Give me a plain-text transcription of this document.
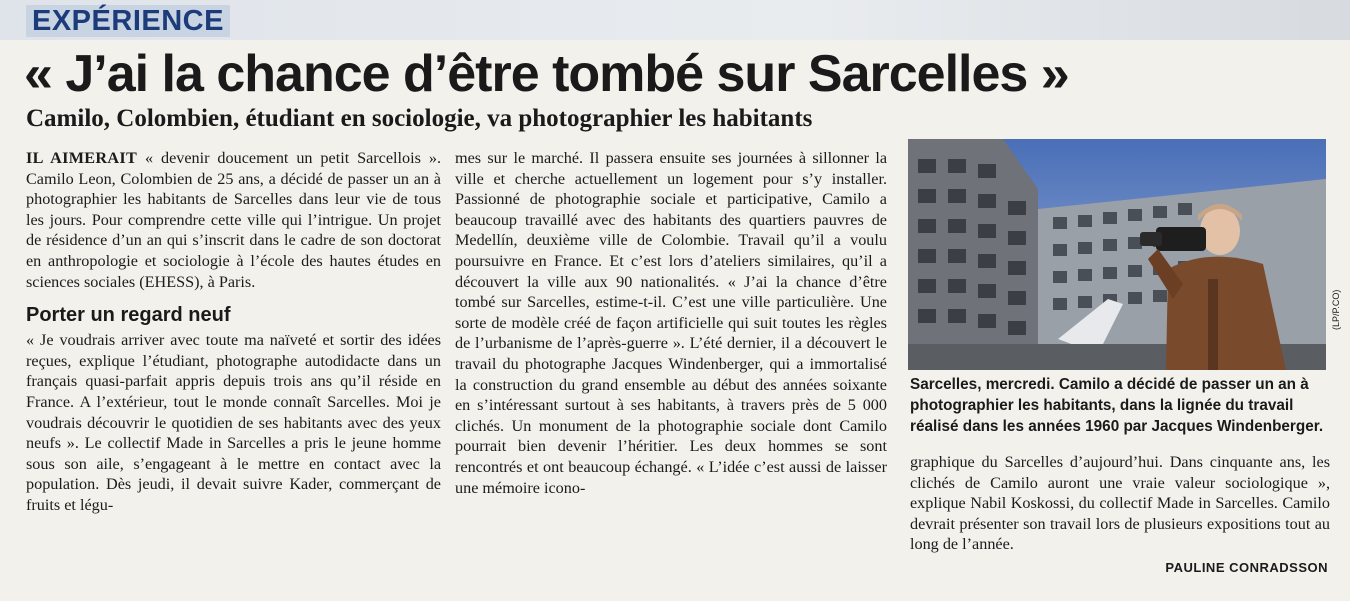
EXPÉRIENCE
« J’ai la chance d’être tombé sur Sarcelles »
Camilo, Colombien, étudiant en sociologie, va photographier les habitants

IL AIMERAIT « devenir doucement un petit Sarcellois ». Camilo Leon, Colombien de 25 ans, a décidé de passer un an à photographier les habitants de Sarcelles dans leur vie de tous les jours. Pour comprendre cette ville qui l’intrigue. Un projet de résidence d’un an qui s’inscrit dans le cadre de son doctorat en anthropologie et sociologie à l’école des hautes études en sciences sociales (EHESS), à Paris.

Porter un regard neuf

« Je voudrais arriver avec toute ma naïveté et sortir des idées reçues, explique l’étudiant, photographe autodidacte dans un français quasi-parfait appris depuis trois ans qu’il réside en France. A l’extérieur, tout le monde connaît Sarcelles. Moi je voudrais découvrir le quotidien de ses habitants avec des yeux neufs ». Le collectif Made in Sarcelles a pris le jeune homme sous son aile, s’engageant à le mettre en contact avec la population. Dès jeudi, il devait suivre Kader, commerçant de fruits et légu-

mes sur le marché. Il passera ensuite ses journées à sillonner la ville et cherche actuellement un logement pour s’y installer. Passionné de photographie sociale et participative, Camilo a beaucoup travaillé avec des habitants des quartiers pauvres de Medellín, deuxième ville de Colombie. Travail qu’il a voulu poursuivre en France. Et c’est lors d’ateliers similaires, qu’il a découvert la ville aux 90 nationalités. « J’ai la chance d’être tombé sur Sarcelles, estime-t-il. C’est une ville particulière. Une sorte de modèle créé de façon artificielle qui suit toutes les règles de l’urbanisme de l’après-guerre ». L’été dernier, il a découvert le travail du photographe Jacques Windenberger, qui a immortalisé la construction du grand ensemble au début des années soixante en s’intéressant surtout à ses habitants, à travers près de 5 000 clichés. Un monument de la photographie sociale dont Camilo pourrait bien devenir l’héritier. Les deux hommes se sont rencontrés et ont beaucoup échangé. « L’idée c’est aussi de laisser une mémoire icono-

(LP/P.CO)
Sarcelles, mercredi. Camilo a décidé de passer un an à photographier les habitants, dans la lignée du travail réalisé dans les années 1960 par Jacques Windenberger.

graphique du Sarcelles d’aujourd’hui. Dans cinquante ans, les clichés de Camilo auront une vraie valeur sociologique », explique Nabil Koskossi, du collectif Made in Sarcelles. Camilo devrait présenter son travail lors de plusieurs expositions tout au long de l’année.

PAULINE CONRADSSON
